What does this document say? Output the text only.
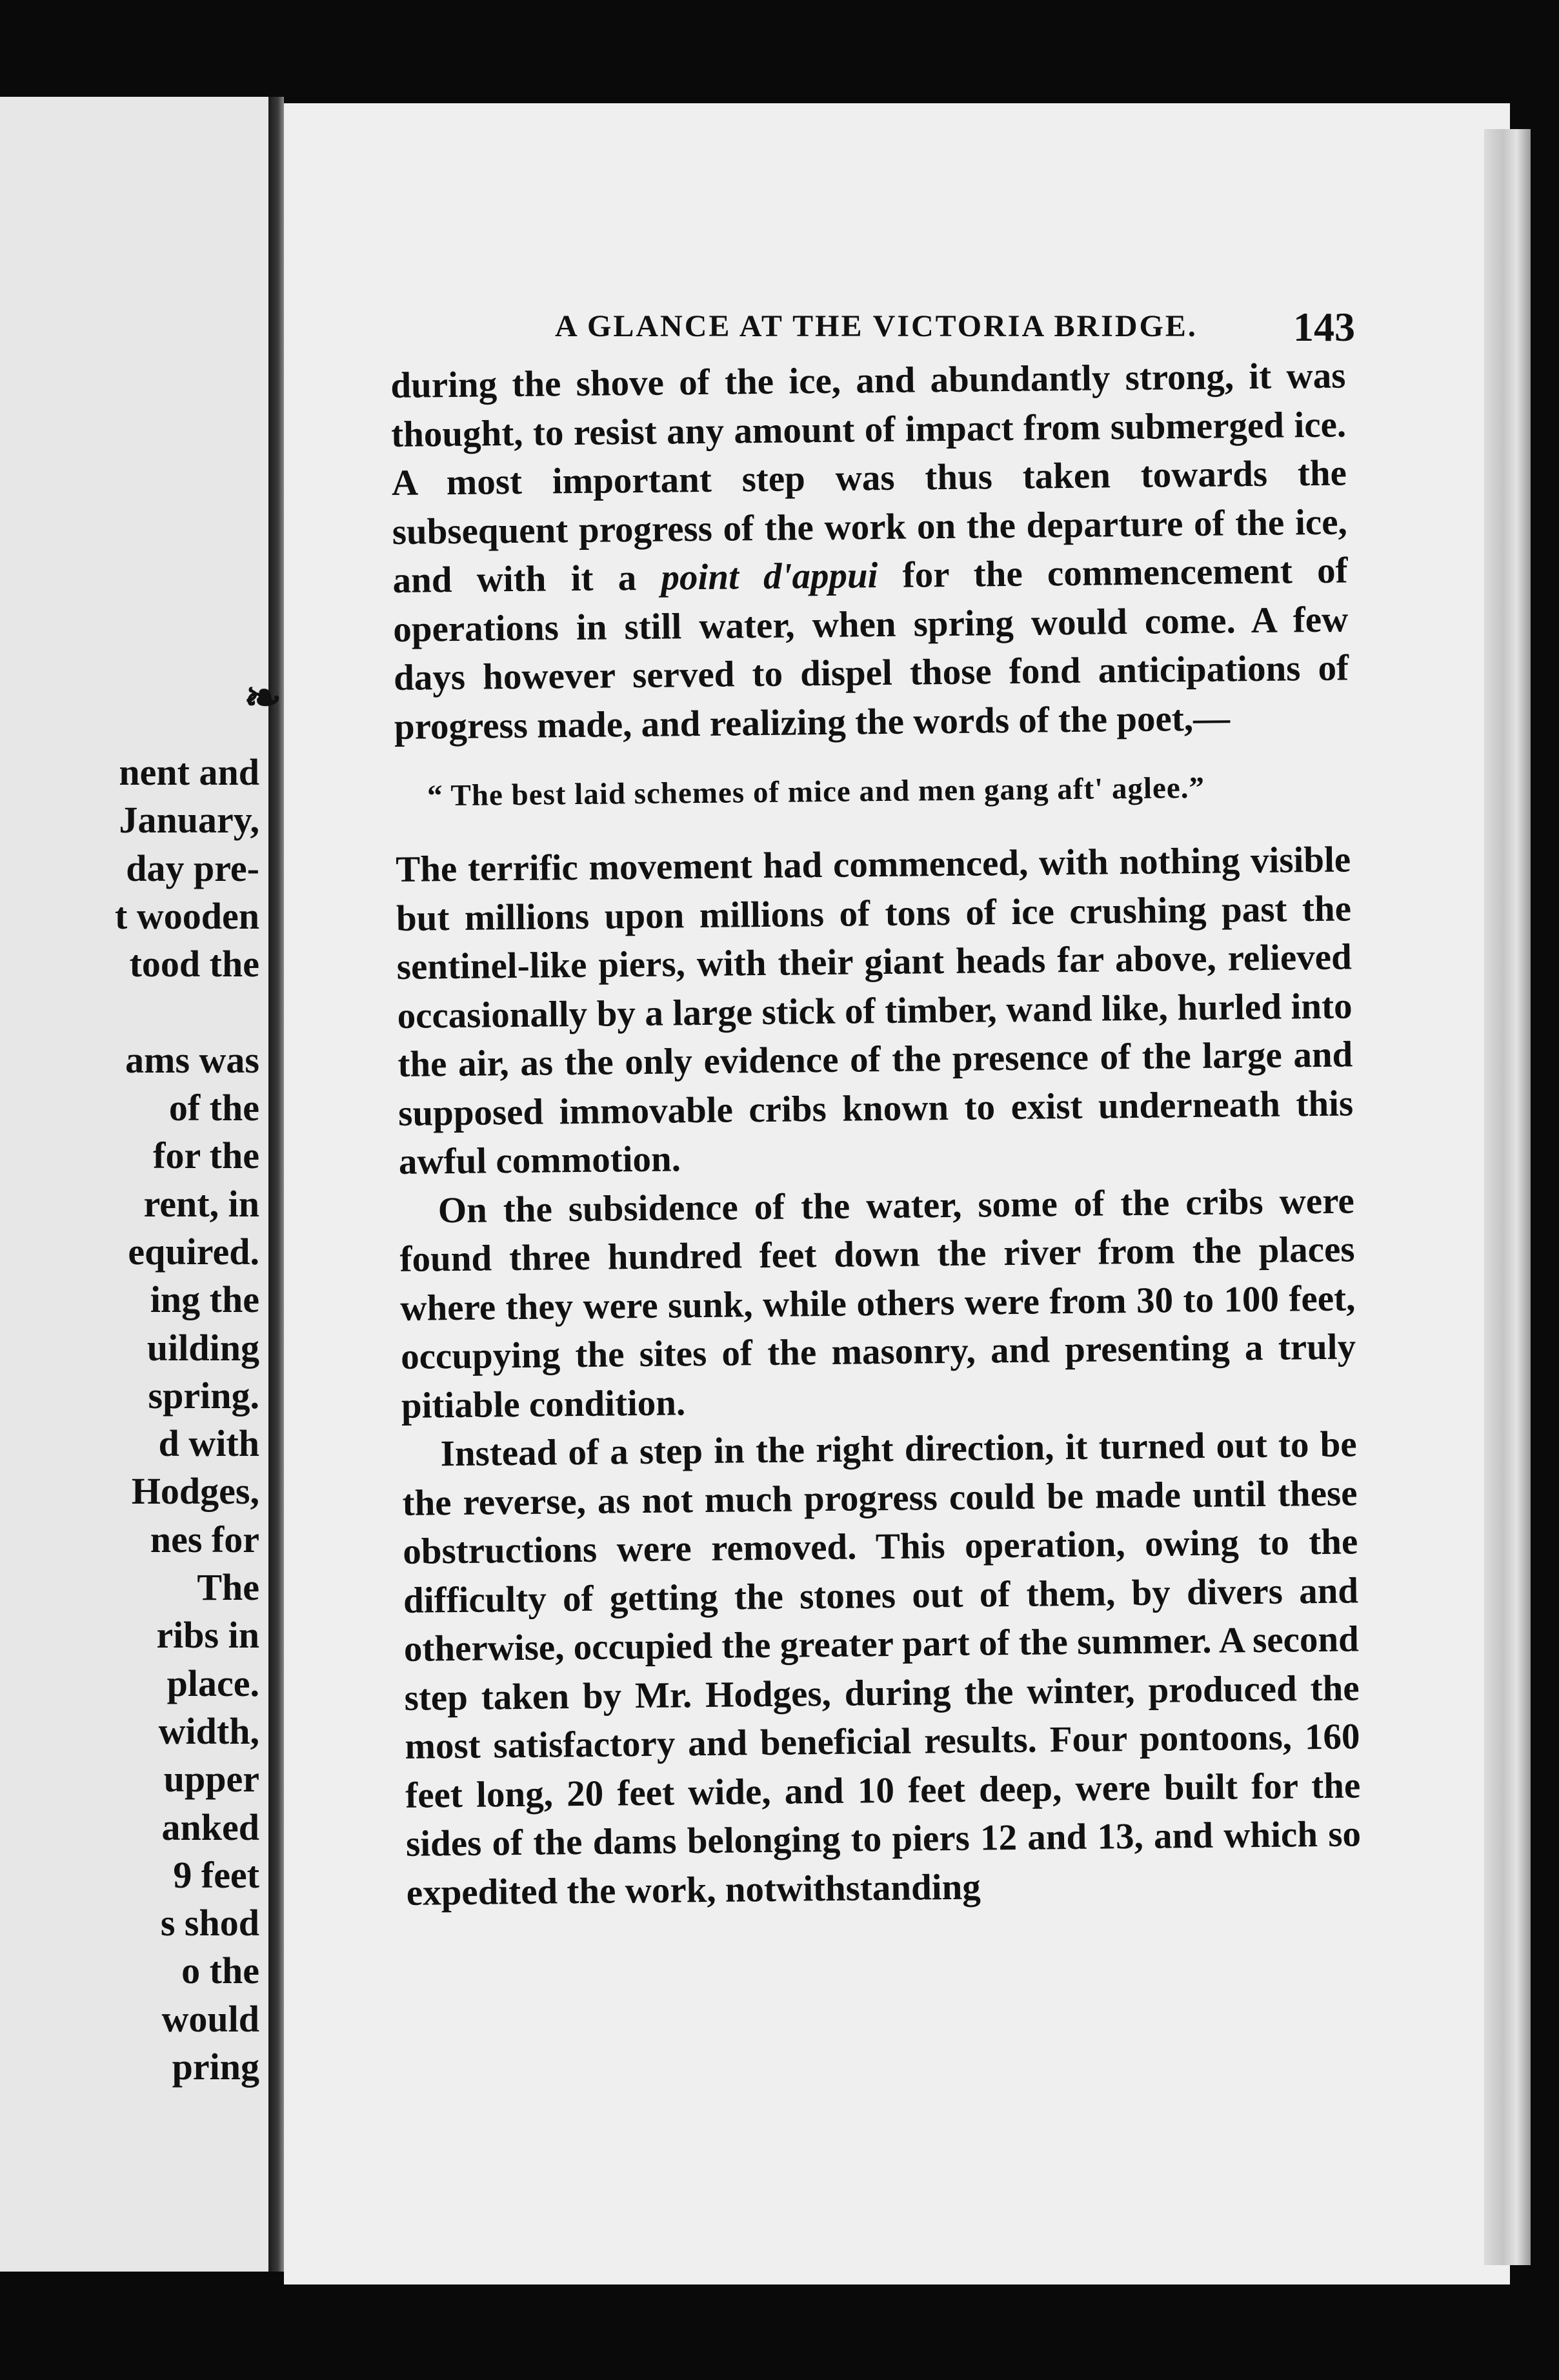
nent and
January,
day pre-
t wooden
tood the
ams was
of the
for the
rent, in
equired.
ing the
uilding
spring.
d with
Hodges,
nes for
The
ribs in
place.
width,
upper
anked
9 feet
s shod
o the
would
pring
A GLANCE AT THE VICTORIA BRIDGE. 143

during the shove of the ice, and abundantly strong, it was thought, to resist any amount of impact from submerged ice. A most important step was thus taken towards the subsequent progress of the work on the departure of the ice, and with it a point d'appui for the commencement of operations in still water, when spring would come. A few days however served to dispel those fond anticipations of progress made, and realizing the words of the poet,—

“ The best laid schemes of mice and men gang aft' aglee.”

The terrific movement had commenced, with nothing visible but millions upon millions of tons of ice crushing past the sentinel-like piers, with their giant heads far above, relieved occasionally by a large stick of timber, wand like, hurled into the air, as the only evidence of the presence of the large and supposed immovable cribs known to exist underneath this awful commotion.

On the subsidence of the water, some of the cribs were found three hundred feet down the river from the places where they were sunk, while others were from 30 to 100 feet, occupying the sites of the masonry, and presenting a truly pitiable condition.

Instead of a step in the right direction, it turned out to be the reverse, as not much progress could be made until these obstructions were removed. This operation, owing to the difficulty of getting the stones out of them, by divers and otherwise, occupied the greater part of the summer. A second step taken by Mr. Hodges, during the winter, produced the most satisfactory and beneficial results. Four pontoons, 160 feet long, 20 feet wide, and 10 feet deep, were built for the sides of the dams belonging to piers 12 and 13, and which so expedited the work, notwithstanding

❧
